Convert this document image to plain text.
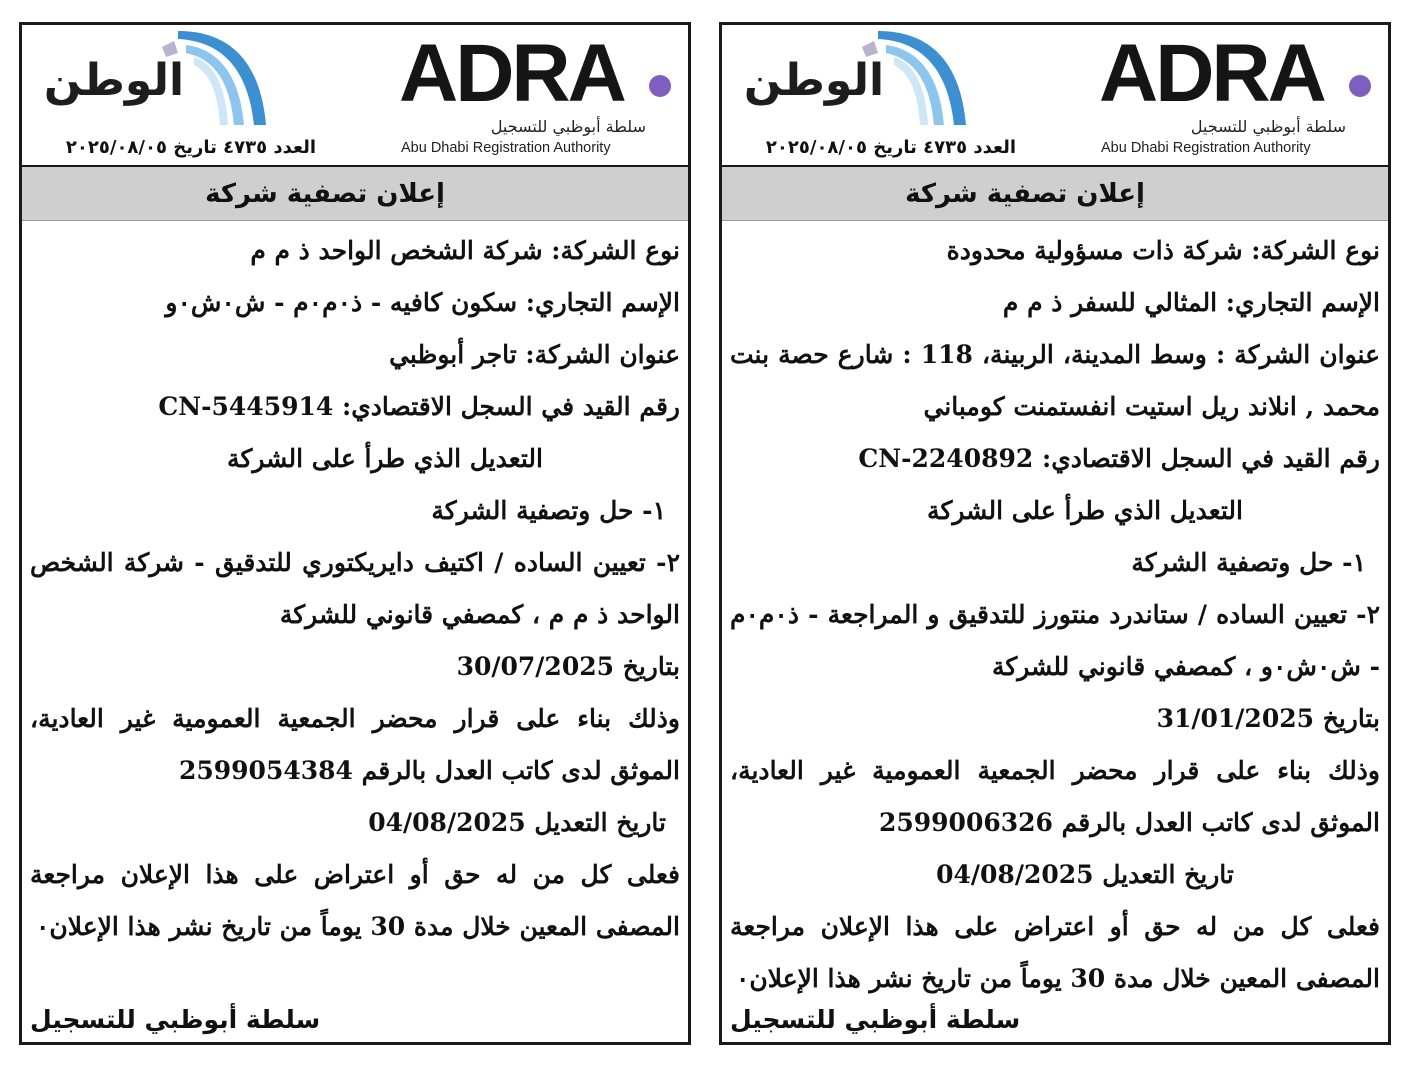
الوطن
العدد ٤٧٣٥ تاريخ ٢٠٢٥/٠٨/٠٥
ADRA
سلطة أبوظبي للتسجيل
Abu Dhabi Registration Authority
إعلان تصفية شركة

نوع الشركة: شركة الشخص الواحد ذ م م

الإسم التجاري: سكون كافيه - ذ٠م٠م - ش٠ش٠و

عنوان الشركة: تاجر أبوظبي

رقم القيد في السجل الاقتصادي: CN-5445914

التعديل الذي طرأ على الشركة

١- حل وتصفية الشركة

٢- تعيين الساده / اكتيف دايريكتوري للتدقيق - شركة الشخص الواحد ذ م م ، كمصفي قانوني للشركة

بتاريخ 30/07/2025

وذلك بناء على قرار محضر الجمعية العمومية غير العادية، الموثق لدى كاتب العدل بالرقم 2599054384

تاريخ التعديل 04/08/2025

فعلى كل من له حق أو اعتراض على هذا الإعلان مراجعة المصفى المعين خلال مدة 30 يوماً من تاريخ نشر هذا الإعلان٠

سلطة أبوظبي للتسجيل
الوطن
العدد ٤٧٣٥ تاريخ ٢٠٢٥/٠٨/٠٥
ADRA
سلطة أبوظبي للتسجيل
Abu Dhabi Registration Authority
إعلان تصفية شركة

نوع الشركة: شركة ذات مسؤولية محدودة

الإسم التجاري: المثالي للسفر ذ م م

عنوان الشركة : وسط المدينة، الربينة، 118 : شارع حصة بنت محمد , انلاند ريل استيت انفستمنت كومباني

رقم القيد في السجل الاقتصادي: CN-2240892

التعديل الذي طرأ على الشركة

١- حل وتصفية الشركة

٢- تعيين الساده / ستاندرد منتورز للتدقيق و المراجعة - ذ٠م٠م - ش٠ش٠و ، كمصفي قانوني للشركة

بتاريخ 31/01/2025

وذلك بناء على قرار محضر الجمعية العمومية غير العادية، الموثق لدى كاتب العدل بالرقم 2599006326

تاريخ التعديل 04/08/2025

فعلى كل من له حق أو اعتراض على هذا الإعلان مراجعة المصفى المعين خلال مدة 30 يوماً من تاريخ نشر هذا الإعلان٠

سلطة أبوظبي للتسجيل
